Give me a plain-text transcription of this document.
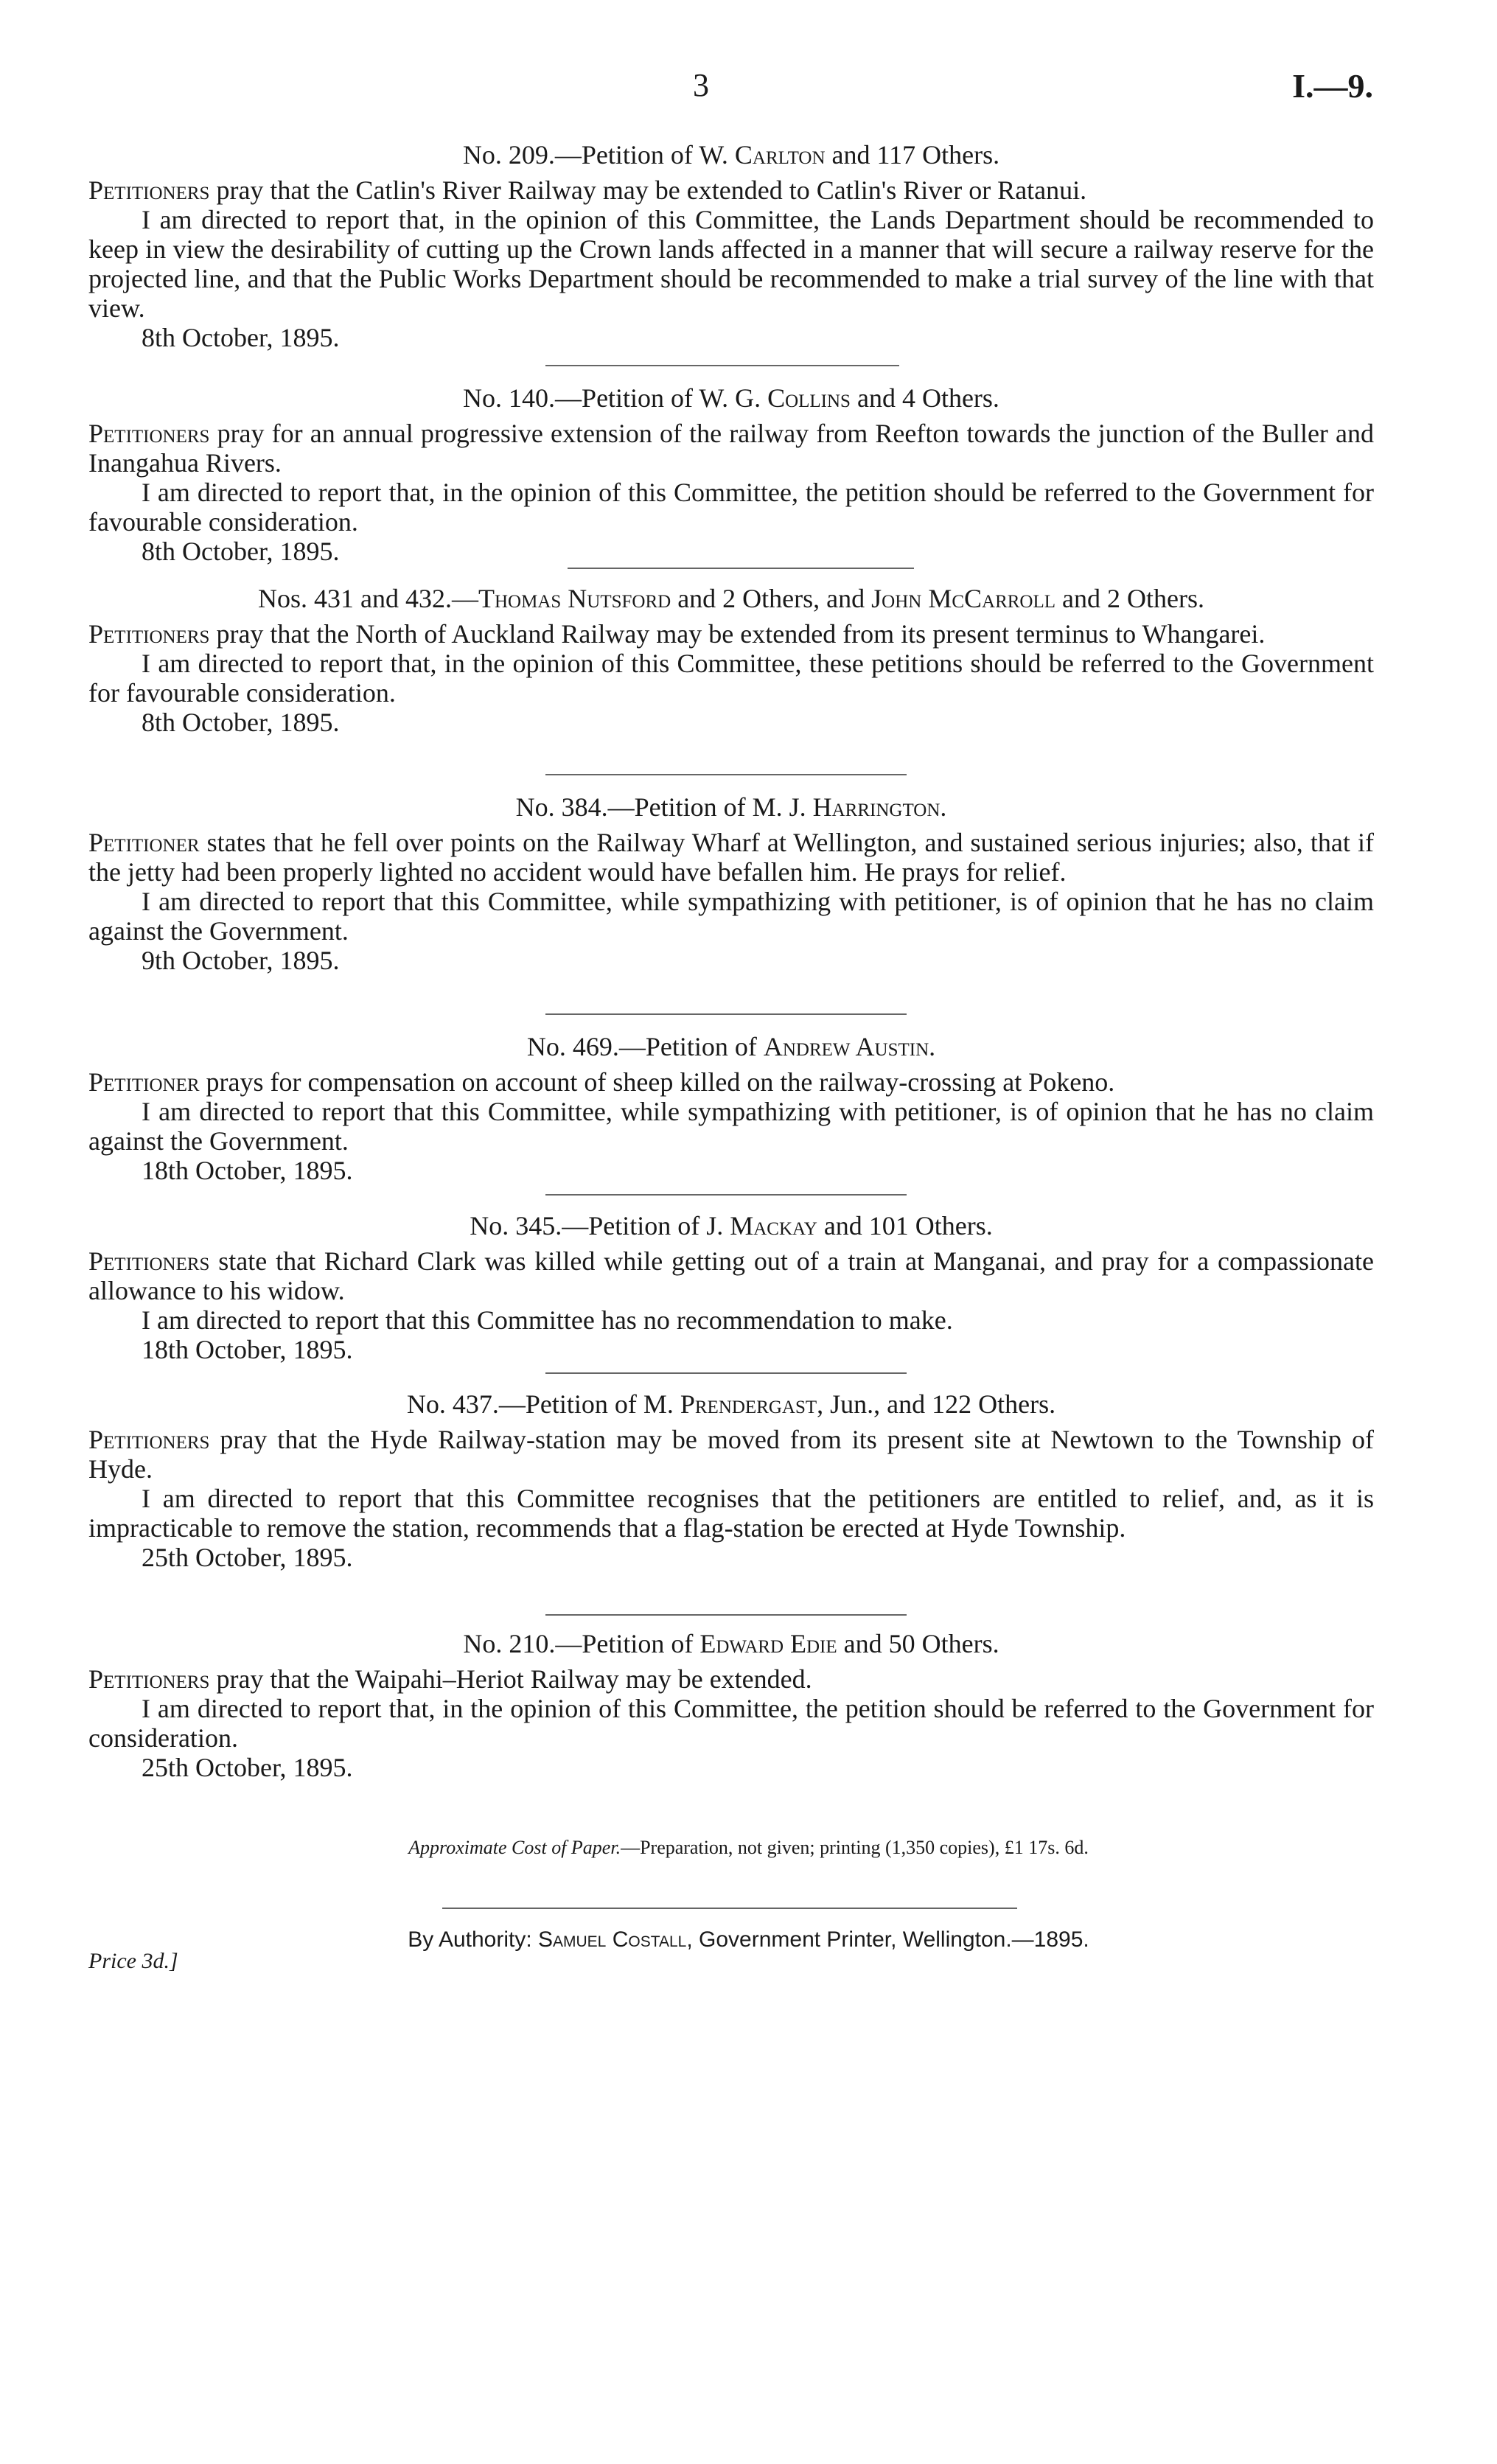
3	I.—9.
No. 209.—Petition of W. Carlton and 117 Others.

Petitioners pray that the Catlin's River Railway may be extended to Catlin's River or Ratanui.

I am directed to report that, in the opinion of this Committee, the Lands Department should be recommended to keep in view the desirability of cutting up the Crown lands affected in a manner that will secure a railway reserve for the projected line, and that the Public Works Department should be recommended to make a trial survey of the line with that view.

8th October, 1895.

No. 140.—Petition of W. G. Collins and 4 Others.

Petitioners pray for an annual progressive extension of the railway from Reefton towards the junction of the Buller and Inangahua Rivers.

I am directed to report that, in the opinion of this Committee, the petition should be referred to the Government for favourable consideration.

8th October, 1895.

Nos. 431 and 432.—Thomas Nutsford and 2 Others, and John McCarroll and 2 Others.

Petitioners pray that the North of Auckland Railway may be extended from its present terminus to Whangarei.

I am directed to report that, in the opinion of this Committee, these petitions should be referred to the Government for favourable consideration.

8th October, 1895.

No. 384.—Petition of M. J. Harrington.

Petitioner states that he fell over points on the Railway Wharf at Wellington, and sustained serious injuries; also, that if the jetty had been properly lighted no accident would have befallen him. He prays for relief.

I am directed to report that this Committee, while sympathizing with petitioner, is of opinion that he has no claim against the Government.

9th October, 1895.

No. 469.—Petition of Andrew Austin.

Petitioner prays for compensation on account of sheep killed on the railway-crossing at Pokeno.

I am directed to report that this Committee, while sympathizing with petitioner, is of opinion that he has no claim against the Government.

18th October, 1895.

No. 345.—Petition of J. Mackay and 101 Others.

Petitioners state that Richard Clark was killed while getting out of a train at Manganai, and pray for a compassionate allowance to his widow.

I am directed to report that this Committee has no recommendation to make.

18th October, 1895.

No. 437.—Petition of M. Prendergast, Jun., and 122 Others.

Petitioners pray that the Hyde Railway-station may be moved from its present site at Newtown to the Township of Hyde.

I am directed to report that this Committee recognises that the petitioners are entitled to relief, and, as it is impracticable to remove the station, recommends that a flag-station be erected at Hyde Township.

25th October, 1895.

No. 210.—Petition of Edward Edie and 50 Others.

Petitioners pray that the Waipahi–Heriot Railway may be extended.

I am directed to report that, in the opinion of this Committee, the petition should be referred to the Government for consideration.

25th October, 1895.

Approximate Cost of Paper.—Preparation, not given; printing (1,350 copies), £1 17s. 6d.
By Authority: Samuel Costall, Government Printer, Wellington.—1895.
Price 3d.]
